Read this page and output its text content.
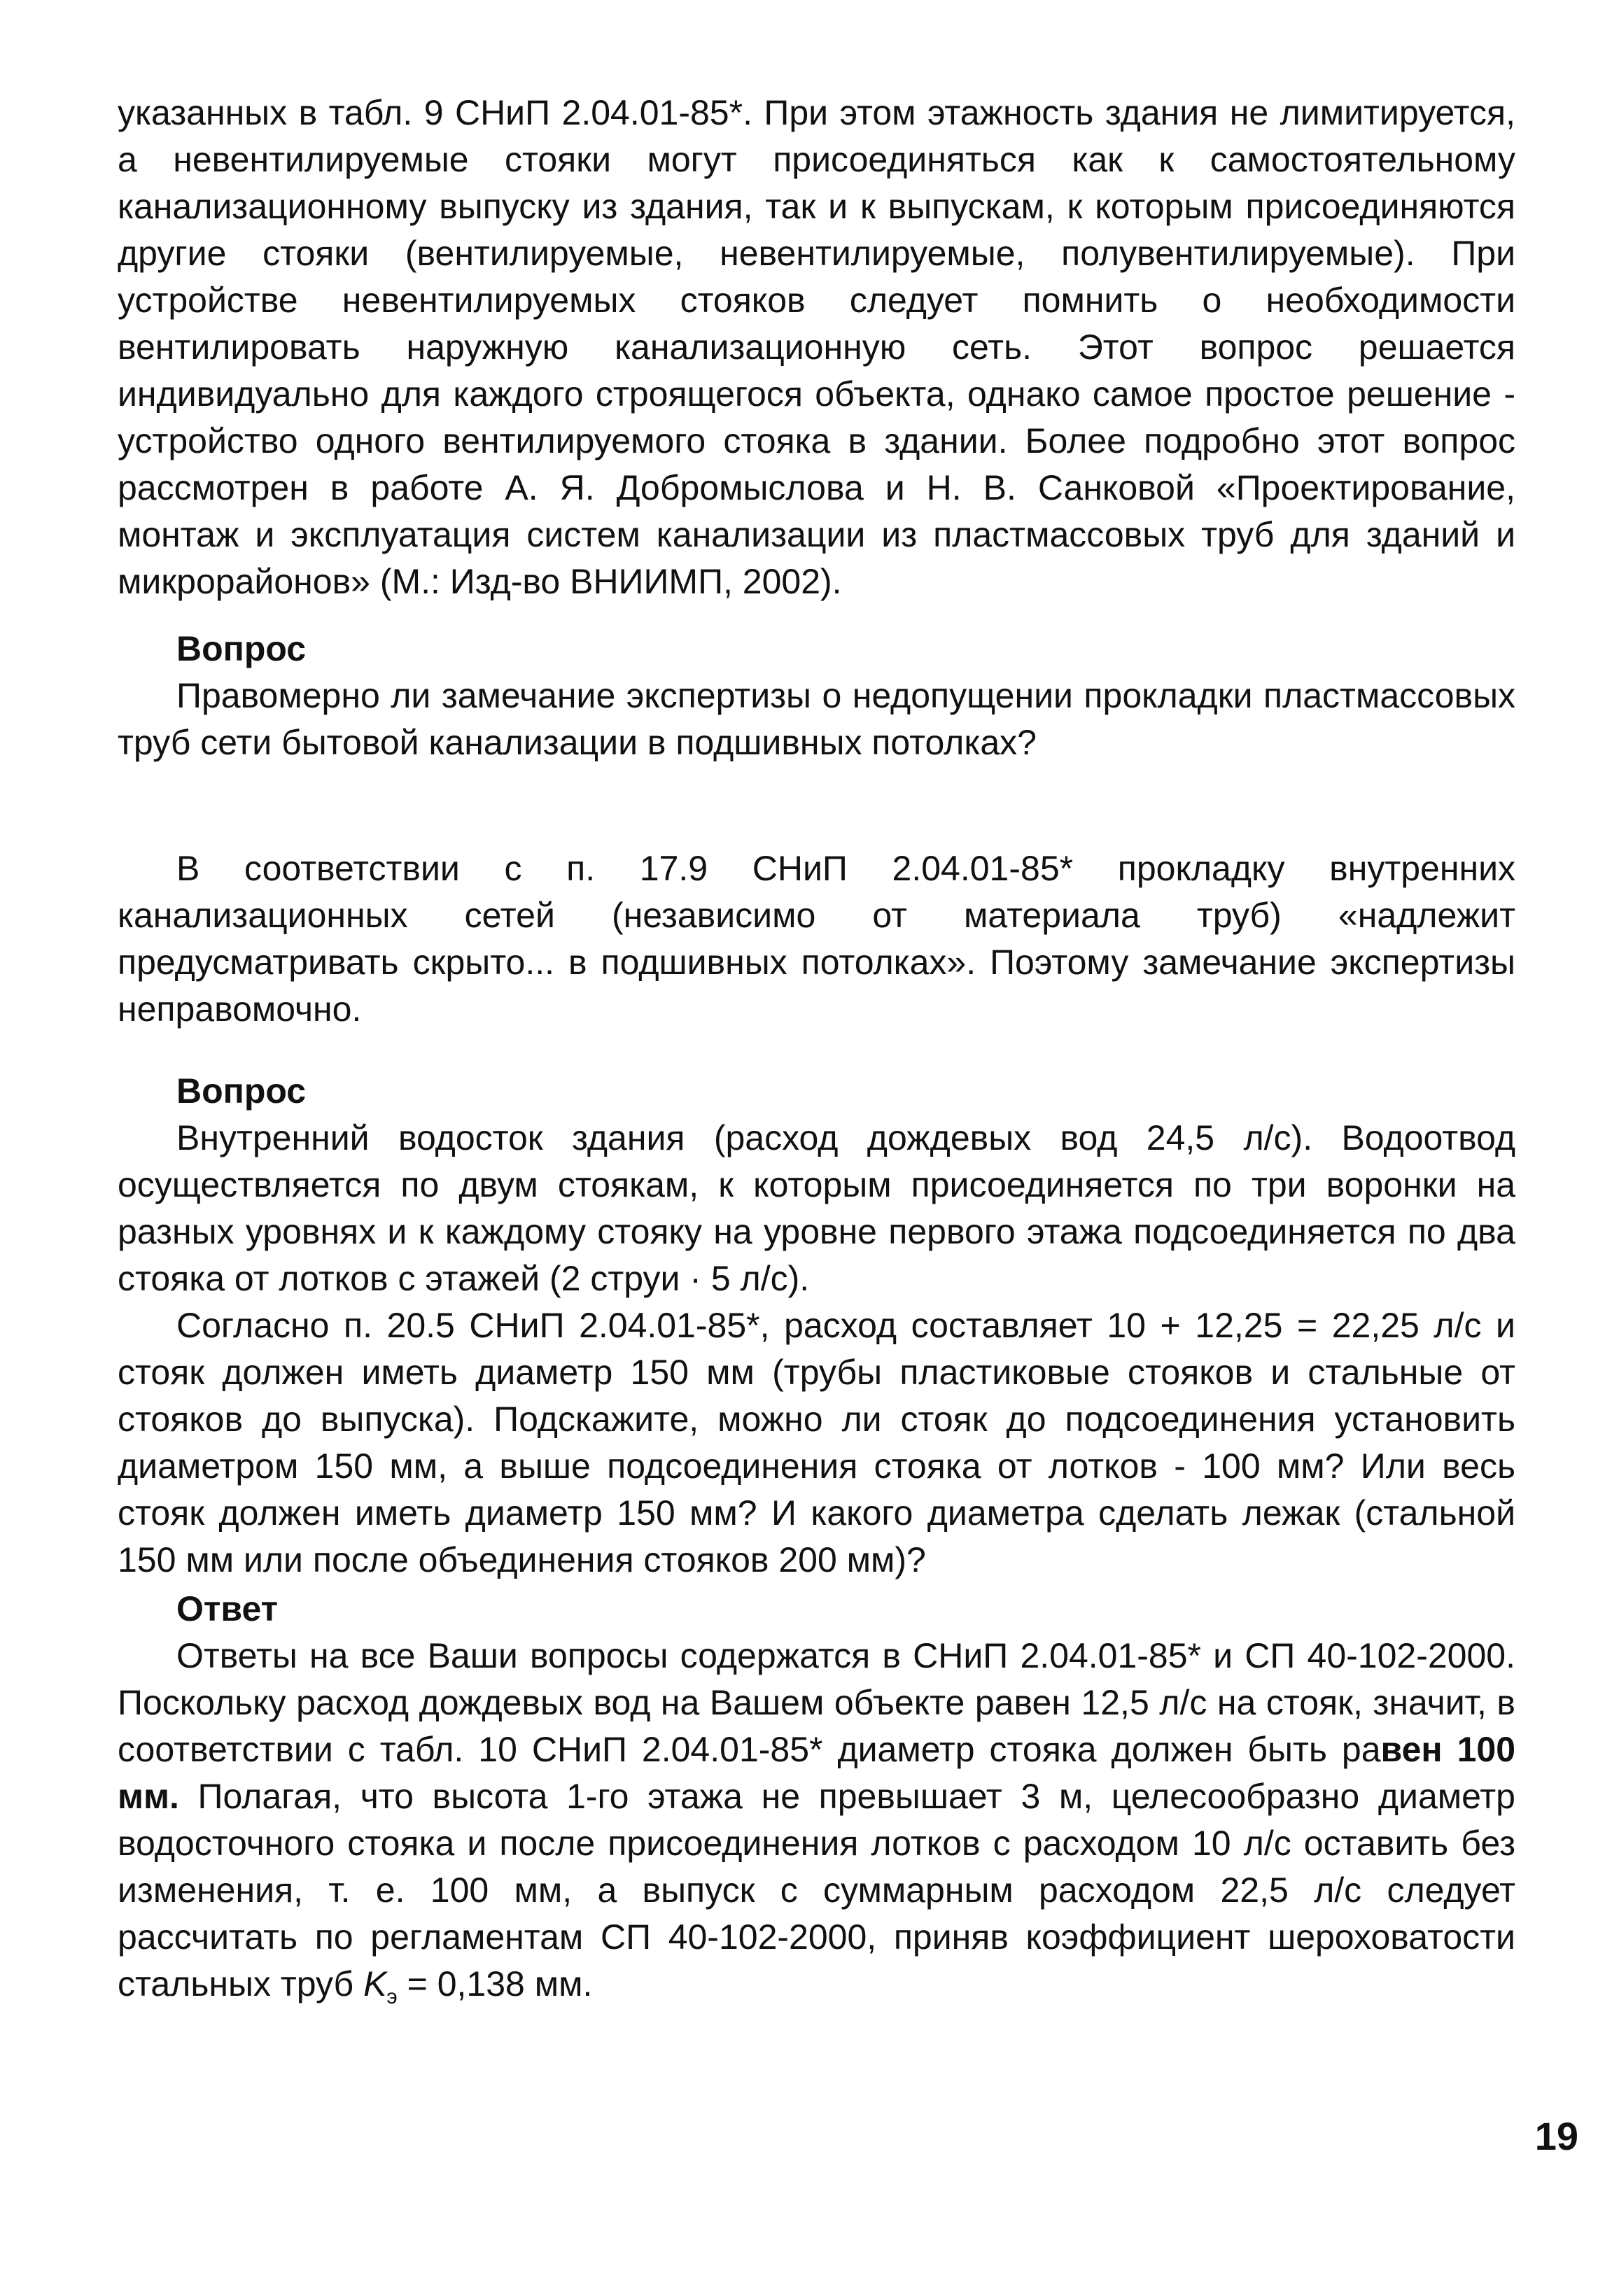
указанных в табл. 9 СНиП 2.04.01-85*. При этом этажность здания не лимитируется, а невентилируемые стояки могут присоединяться как к самостоятельному канализационному выпуску из здания, так и к выпускам, к которым присоединяются другие стояки (вентилируемые, невентилируемые, полувентилируемые). При устройстве невентилируемых стояков следует помнить о необходимости вентилировать наружную канализационную сеть. Этот вопрос решается индивидуально для каждого строящегося объекта, однако самое простое решение - устройство одного вентилируемого стояка в здании. Более подробно этот вопрос рассмотрен в работе А. Я. Добромыслова и Н. В. Санковой «Проектирование, монтаж и эксплуатация систем канализации из пластмассовых труб для зданий и микрорайонов» (М.: Изд-во ВНИИМП, 2002).

Вопрос

Правомерно ли замечание экспертизы о недопущении прокладки пластмассовых труб сети бытовой канализации в подшивных потолках?

В соответствии с п. 17.9 СНиП 2.04.01-85* прокладку внутренних канализационных сетей (независимо от материала труб) «надлежит предусматривать скрыто... в подшивных потолках». Поэтому замечание экспертизы неправомочно.

Вопрос

Внутренний водосток здания (расход дождевых вод 24,5 л/с). Водоотвод осуществляется по двум стоякам, к которым присоединяется по три воронки на разных уровнях и к каждому стояку на уровне первого этажа подсоединяется по два стояка от лотков с этажей (2 струи · 5 л/с).

Согласно п. 20.5 СНиП 2.04.01-85*, расход составляет 10 + 12,25 = 22,25 л/с и стояк должен иметь диаметр 150 мм (трубы пластиковые стояков и стальные от стояков до выпуска). Подскажите, можно ли стояк до подсоединения установить диаметром 150 мм, а выше подсоединения стояка от лотков - 100 мм? Или весь стояк должен иметь диаметр 150 мм? И какого диаметра сделать лежак (стальной 150 мм или после объединения стояков 200 мм)?

Ответ

Ответы на все Ваши вопросы содержатся в СНиП 2.04.01-85* и СП 40-102-2000. Поскольку расход дождевых вод на Вашем объекте равен 12,5 л/с на стояк, значит, в соответствии с табл. 10 СНиП 2.04.01-85* диаметр стояка должен быть равен 100 мм. Полагая, что высота 1-го этажа не превышает 3 м, целесообразно диаметр водосточного стояка и после присоединения лотков с расходом 10 л/с оставить без изменения, т. е. 100 мм, а выпуск с суммарным расходом 22,5 л/с следует рассчитать по регламентам СП 40-102-2000, приняв коэффициент шероховатости стальных труб $K_э = 0,138$ мм.

19
